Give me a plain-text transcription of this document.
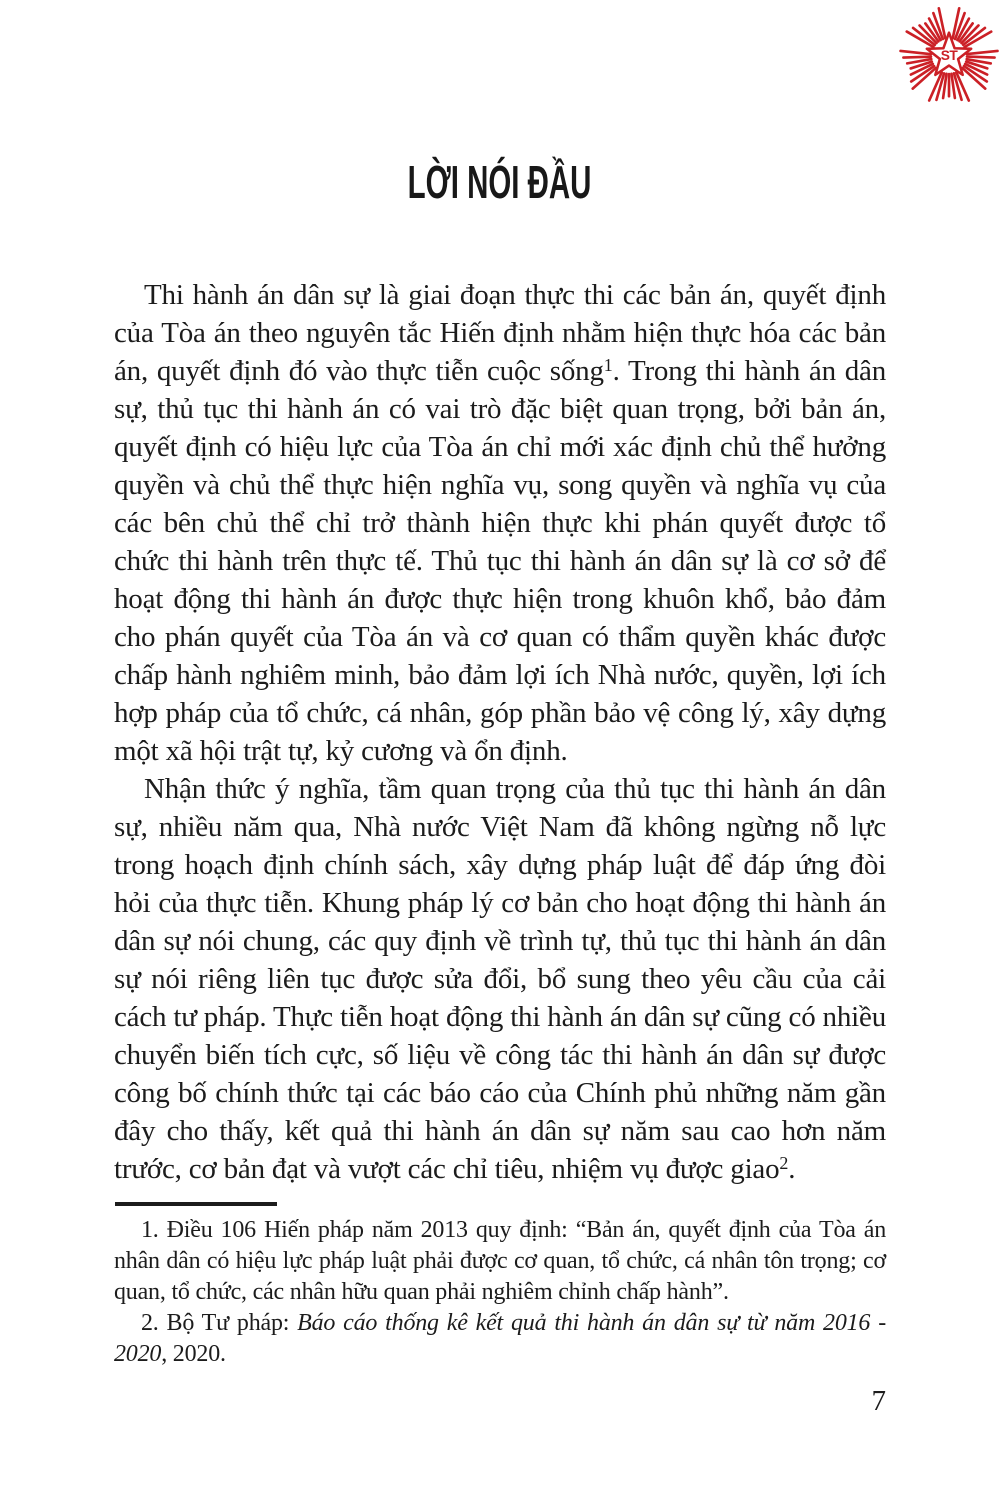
ST
LỜI NÓI ĐẦU

Thi hành án dân sự là giai đoạn thực thi các bản án, quyết định của Tòa án theo nguyên tắc Hiến định nhằm hiện thực hóa các bản án, quyết định đó vào thực tiễn cuộc sống$^1$. Trong thi hành án dân sự, thủ tục thi hành án có vai trò đặc biệt quan trọng, bởi bản án, quyết định có hiệu lực của Tòa án chỉ mới xác định chủ thể hưởng quyền và chủ thể thực hiện nghĩa vụ, song quyền và nghĩa vụ của các bên chủ thể chỉ trở thành hiện thực khi phán quyết được tổ chức thi hành trên thực tế. Thủ tục thi hành án dân sự là cơ sở để hoạt động thi hành án được thực hiện trong khuôn khổ, bảo đảm cho phán quyết của Tòa án và cơ quan có thẩm quyền khác được chấp hành nghiêm minh, bảo đảm lợi ích Nhà nước, quyền, lợi ích hợp pháp của tổ chức, cá nhân, góp phần bảo vệ công lý, xây dựng một xã hội trật tự, kỷ cương và ổn định.

Nhận thức ý nghĩa, tầm quan trọng của thủ tục thi hành án dân sự, nhiều năm qua, Nhà nước Việt Nam đã không ngừng nỗ lực trong hoạch định chính sách, xây dựng pháp luật để đáp ứng đòi hỏi của thực tiễn. Khung pháp lý cơ bản cho hoạt động thi hành án dân sự nói chung, các quy định về trình tự, thủ tục thi hành án dân sự nói riêng liên tục được sửa đổi, bổ sung theo yêu cầu của cải cách tư pháp. Thực tiễn hoạt động thi hành án dân sự cũng có nhiều chuyển biến tích cực, số liệu về công tác thi hành án dân sự được công bố chính thức tại các báo cáo của Chính phủ những năm gần đây cho thấy, kết quả thi hành án dân sự năm sau cao hơn năm trước, cơ bản đạt và vượt các chỉ tiêu, nhiệm vụ được giao$^2$.

1. Điều 106 Hiến pháp năm 2013 quy định: “Bản án, quyết định của Tòa án nhân dân có hiệu lực pháp luật phải được cơ quan, tổ chức, cá nhân tôn trọng; cơ quan, tổ chức, các nhân hữu quan phải nghiêm chỉnh chấp hành”.

2. Bộ Tư pháp: Báo cáo thống kê kết quả thi hành án dân sự từ năm 2016 - 2020, 2020.

7
